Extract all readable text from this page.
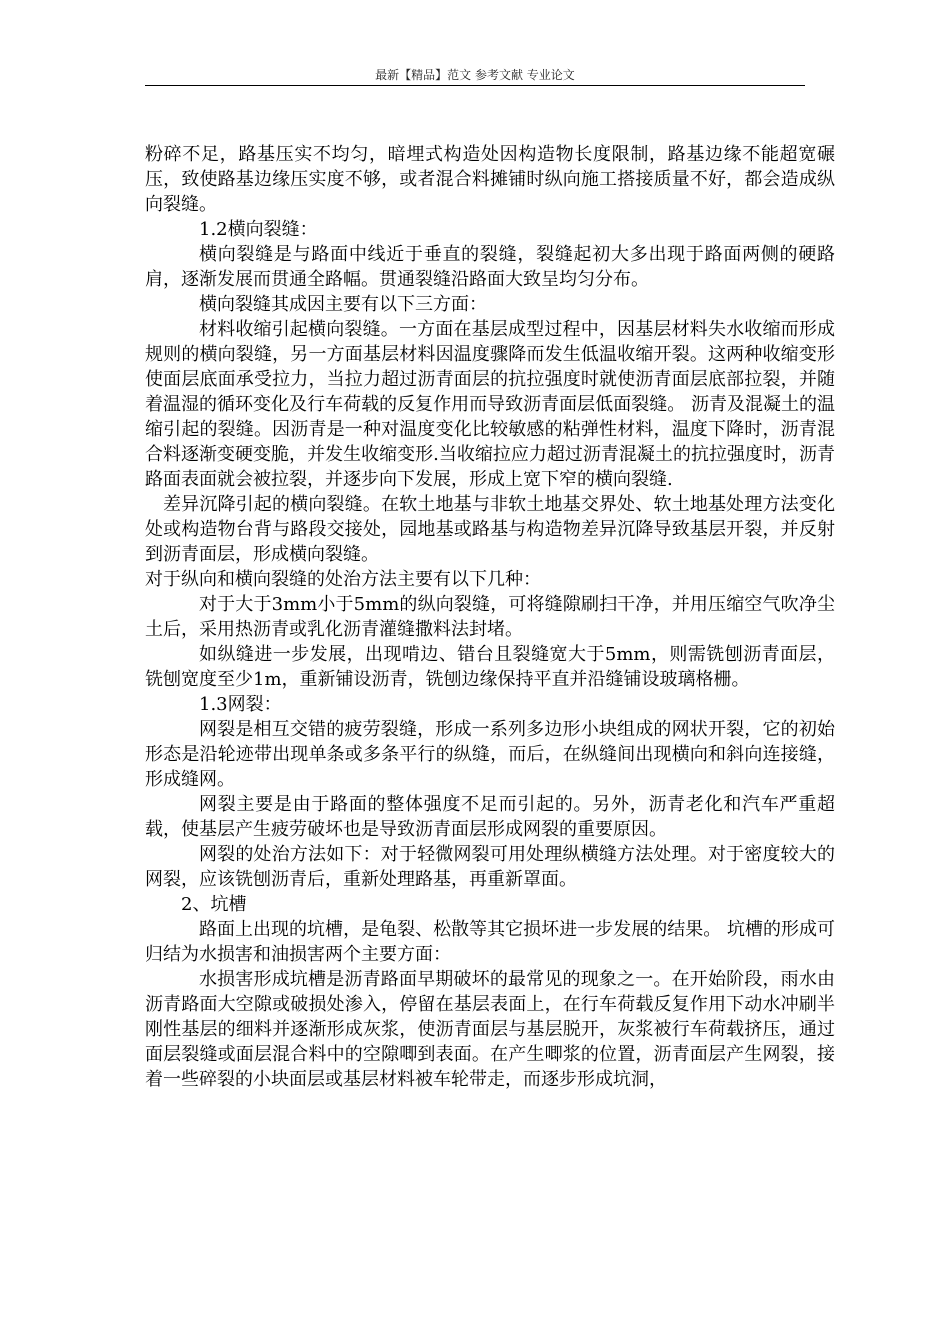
最新【精品】范文 参考文献 专业论文

粉碎不足，路基压实不均匀，暗埋式构造处因构造物长度限制，路基边缘不能超宽碾压，致使路基边缘压实度不够，或者混合料摊铺时纵向施工搭接质量不好，都会造成纵向裂缝。

1.2横向裂缝：

横向裂缝是与路面中线近于垂直的裂缝，裂缝起初大多出现于路面两侧的硬路肩，逐渐发展而贯通全路幅。贯通裂缝沿路面大致呈均匀分布。

横向裂缝其成因主要有以下三方面：

材料收缩引起横向裂缝。一方面在基层成型过程中，因基层材料失水收缩而形成规则的横向裂缝，另一方面基层材料因温度骤降而发生低温收缩开裂。这两种收缩变形使面层底面承受拉力，当拉力超过沥青面层的抗拉强度时就使沥青面层底部拉裂，并随着温湿的循环变化及行车荷载的反复作用而导致沥青面层低面裂缝。 沥青及混凝土的温缩引起的裂缝。因沥青是一种对温度变化比较敏感的粘弹性材料，温度下降时，沥青混合料逐渐变硬变脆，并发生收缩变形.当收缩拉应力超过沥青混凝土的抗拉强度时，沥青路面表面就会被拉裂，并逐步向下发展，形成上宽下窄的横向裂缝.

差异沉降引起的横向裂缝。在软土地基与非软土地基交界处、软土地基处理方法变化处或构造物台背与路段交接处，园地基或路基与构造物差异沉降导致基层开裂，并反射到沥青面层，形成横向裂缝。

对于纵向和横向裂缝的处治方法主要有以下几种：

对于大于3mm小于5mm的纵向裂缝，可将缝隙刷扫干净，并用压缩空气吹净尘土后，采用热沥青或乳化沥青灌缝撒料法封堵。

如纵缝进一步发展，出现啃边、错台且裂缝宽大于5mm，则需铣刨沥青面层，铣刨宽度至少1m，重新铺设沥青，铣刨边缘保持平直并沿缝铺设玻璃格栅。

1.3网裂：

网裂是相互交错的疲劳裂缝，形成一系列多边形小块组成的网状开裂，它的初始形态是沿轮迹带出现单条或多条平行的纵缝，而后，在纵缝间出现横向和斜向连接缝，形成缝网。

网裂主要是由于路面的整体强度不足而引起的。另外，沥青老化和汽车严重超载，使基层产生疲劳破坏也是导致沥青面层形成网裂的重要原因。

网裂的处治方法如下：对于轻微网裂可用处理纵横缝方法处理。对于密度较大的网裂，应该铣刨沥青后，重新处理路基，再重新罩面。

2、坑槽

路面上出现的坑槽，是龟裂、松散等其它损坏进一步发展的结果。 坑槽的形成可归结为水损害和油损害两个主要方面：

水损害形成坑槽是沥青路面早期破坏的最常见的现象之一。在开始阶段，雨水由沥青路面大空隙或破损处渗入，停留在基层表面上，在行车荷载反复作用下动水冲刷半刚性基层的细料并逐渐形成灰浆，使沥青面层与基层脱开，灰浆被行车荷载挤压，通过面层裂缝或面层混合料中的空隙唧到表面。在产生唧浆的位置，沥青面层产生网裂，接着一些碎裂的小块面层或基层材料被车轮带走，而逐步形成坑洞，
